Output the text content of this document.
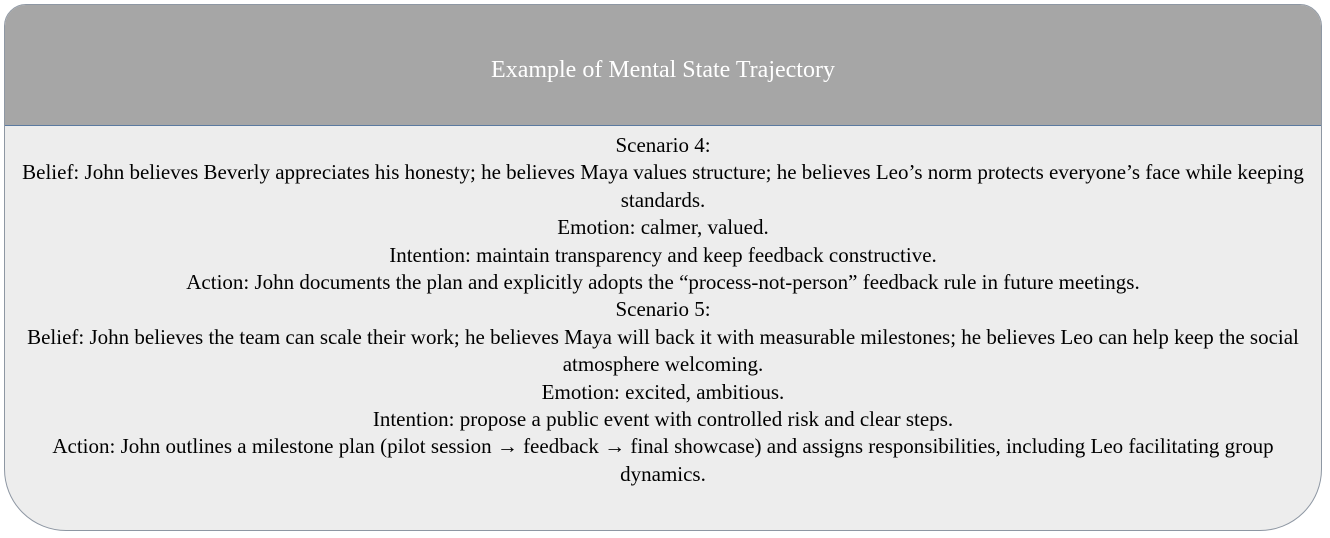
Example of Mental State Trajectory

Scenario 4:

Belief: John believes Beverly appreciates his honesty; he believes Maya values structure; he believes Leo’s norm protects everyone’s face while keeping standards.

Emotion: calmer, valued.

Intention: maintain transparency and keep feedback constructive.

Action: John documents the plan and explicitly adopts the “process-not-person” feedback rule in future meetings.

Scenario 5:

Belief: John believes the team can scale their work; he believes Maya will back it with measurable milestones; he believes Leo can help keep the social atmosphere welcoming.

Emotion: excited, ambitious.

Intention: propose a public event with controlled risk and clear steps.

Action: John outlines a milestone plan (pilot session → feedback → final showcase) and assigns responsibilities, including Leo facilitating group dynamics.
